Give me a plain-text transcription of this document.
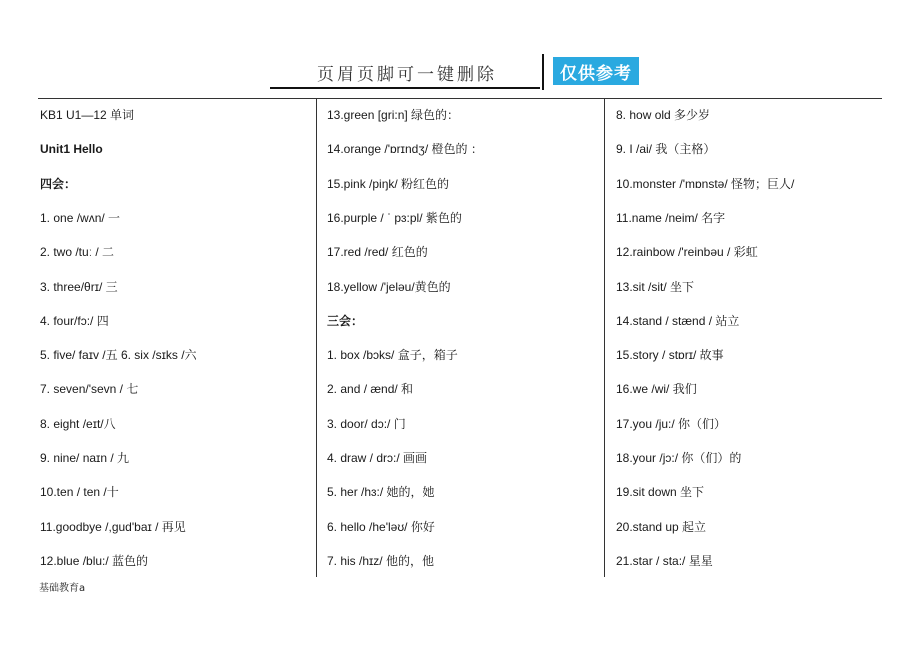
页眉页脚可一键删除	仅供参考
KB1 U1—12 单词
Unit1 Hello
四会：
1. one /wʌn/ 一
2. two /tuː / 二
3. three/θrɪ/ 三
4. four/fɔ:/ 四
5. five/ faɪv /五 6. six /sɪks /六
7. seven/'sevn / 七
8. eight /eɪt/八
9. nine/ naɪn / 九
10.ten / ten /十
11.goodbye /,gud'baɪ / 再见
12.blue /blu:/ 蓝色的
13.green [gri:n] 绿色的：
14.orange /'ɒrɪndʒ/ 橙色的 ：
15.pink /piŋk/ 粉红色的
16.purple / ˈ pɜ:pl/ 紫色的
17.red /red/ 红色的
18.yellow /'jeləu/黄色的
三会：
1. box /bɔks/ 盒子，箱子
2. and / ænd/ 和
3. door/ dɔ:/ 门
4. draw / drɔ:/ 画画
5. her /hɜ:/ 她的，她
6. hello /he'ləʊ/ 你好
7. his /hɪz/ 他的，他
8. how old 多少岁
9. I /ai/ 我（主格）
10.monster /'mɒnstə/ 怪物；巨人/
11.name /neim/ 名字
12.rainbow /'reinbəu / 彩虹
13.sit /sit/ 坐下
14.stand / stænd / 站立
15.story / stɒrɪ/ 故事
16.we /wi/ 我们
17.you /ju:/ 你（们）
18.your /jɔ:/ 你（们）的
19.sit down 坐下
20.stand up 起立
21.star / sta:/ 星星
基础教育a
